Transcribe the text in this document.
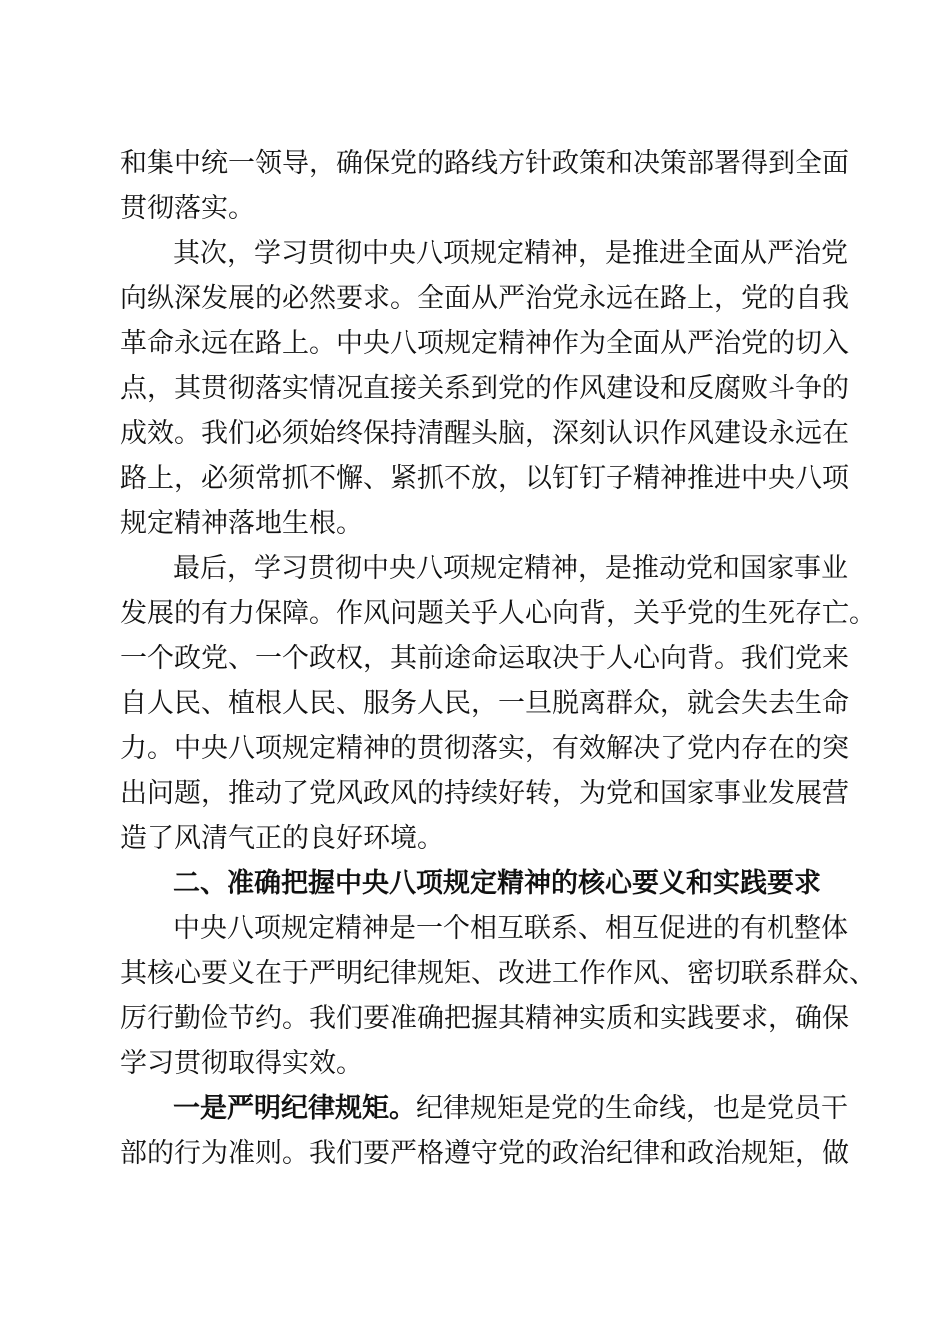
和集中统一领导，确保党的路线方针政策和决策部署得到全面
贯彻落实。
其次，学习贯彻中央八项规定精神，是推进全面从严治党
向纵深发展的必然要求。全面从严治党永远在路上，党的自我
革命永远在路上。中央八项规定精神作为全面从严治党的切入
点，其贯彻落实情况直接关系到党的作风建设和反腐败斗争的
成效。我们必须始终保持清醒头脑，深刻认识作风建设永远在
路上，必须常抓不懈、紧抓不放，以钉钉子精神推进中央八项
规定精神落地生根。
最后，学习贯彻中央八项规定精神，是推动党和国家事业
发展的有力保障。作风问题关乎人心向背，关乎党的生死存亡。
一个政党、一个政权，其前途命运取决于人心向背。我们党来
自人民、植根人民、服务人民，一旦脱离群众，就会失去生命
力。中央八项规定精神的贯彻落实，有效解决了党内存在的突
出问题，推动了党风政风的持续好转，为党和国家事业发展营
造了风清气正的良好环境。
二、准确把握中央八项规定精神的核心要义和实践要求
中央八项规定精神是一个相互联系、相互促进的有机整体
其核心要义在于严明纪律规矩、改进工作作风、密切联系群众、
厉行勤俭节约。我们要准确把握其精神实质和实践要求，确保
学习贯彻取得实效。
一是严明纪律规矩。纪律规矩是党的生命线，也是党员干
部的行为准则。我们要严格遵守党的政治纪律和政治规矩，做
